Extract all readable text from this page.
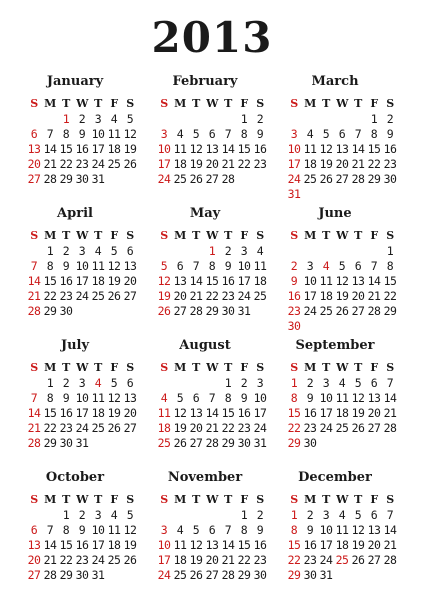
2013
January
S M T W T F S
1 2 3 4 5
6 7 8 9 10 11 12
13 14 15 16 17 18 19
20 21 22 23 24 25 26
27 28 29 30 31
February
S M T W T F S
1 2
3 4 5 6 7 8 9
10 11 12 13 14 15 16
17 18 19 20 21 22 23
24 25 26 27 28
March
S M T W T F S
1 2
3 4 5 6 7 8 9
10 11 12 13 14 15 16
17 18 19 20 21 22 23
24 25 26 27 28 29 30
31
April
S M T W T F S
1 2 3 4 5 6
7 8 9 10 11 12 13
14 15 16 17 18 19 20
21 22 23 24 25 26 27
28 29 30
May
S M T W T F S
1 2 3 4
5 6 7 8 9 10 11
12 13 14 15 16 17 18
19 20 21 22 23 24 25
26 27 28 29 30 31
June
S M T W T F S
1
2 3 4 5 6 7 8
9 10 11 12 13 14 15
16 17 18 19 20 21 22
23 24 25 26 27 28 29
30
July
S M T W T F S
1 2 3 4 5 6
7 8 9 10 11 12 13
14 15 16 17 18 19 20
21 22 23 24 25 26 27
28 29 30 31
August
S M T W T F S
1 2 3
4 5 6 7 8 9 10
11 12 13 14 15 16 17
18 19 20 21 22 23 24
25 26 27 28 29 30 31
September
S M T W T F S
1 2 3 4 5 6 7
8 9 10 11 12 13 14
15 16 17 18 19 20 21
22 23 24 25 26 27 28
29 30
October
S M T W T F S
1 2 3 4 5
6 7 8 9 10 11 12
13 14 15 16 17 18 19
20 21 22 23 24 25 26
27 28 29 30 31
November
S M T W T F S
1 2
3 4 5 6 7 8 9
10 11 12 13 14 15 16
17 18 19 20 21 22 23
24 25 26 27 28 29 30
December
S M T W T F S
1 2 3 4 5 6 7
8 9 10 11 12 13 14
15 16 17 18 19 20 21
22 23 24 25 26 27 28
29 30 31
